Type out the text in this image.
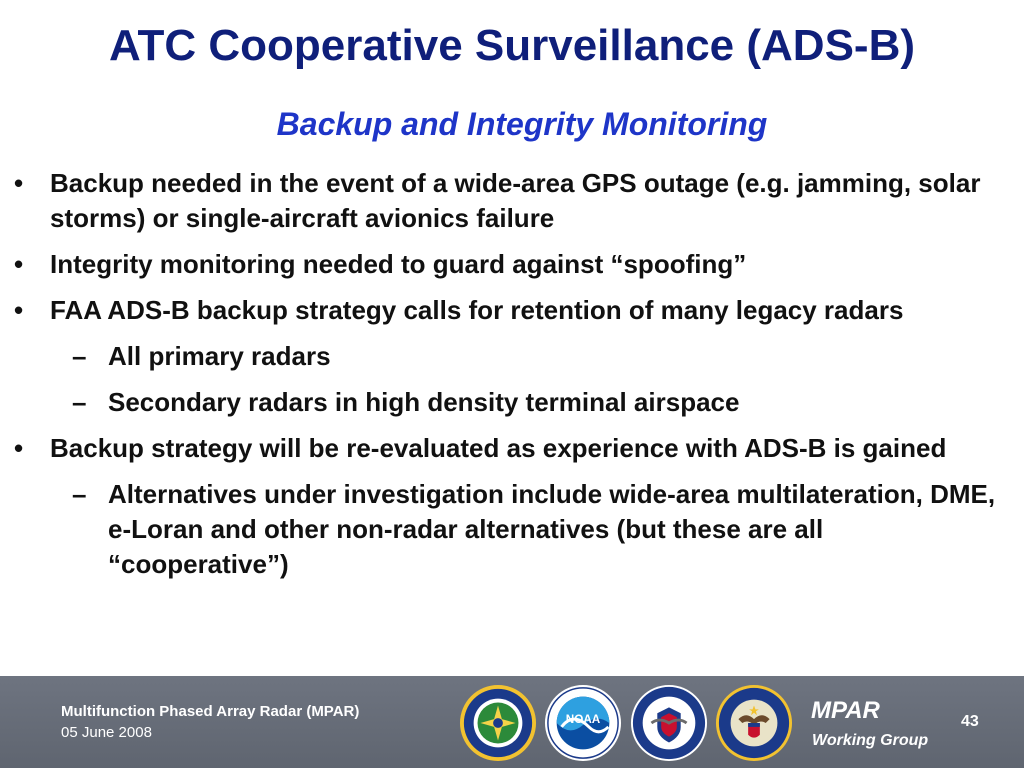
ATC Cooperative Surveillance (ADS-B)
Backup and Integrity Monitoring
• Backup needed in the event of a wide-area GPS outage (e.g. jamming, solar storms) or single-aircraft avionics failure
• Integrity monitoring needed to guard against “spoofing”
• FAA ADS-B backup strategy calls for retention of many legacy radars
– All primary radars
– Secondary radars in high density terminal airspace
• Backup strategy will be re-evaluated as experience with ADS-B is gained
– Alternatives under investigation include wide-area multilateration, DME, e-Loran and other non-radar alternatives (but these are all “cooperative”)
Multifunction Phased Array Radar (MPAR)
05 June 2008
NOAA	MPAR
Working Group
43
